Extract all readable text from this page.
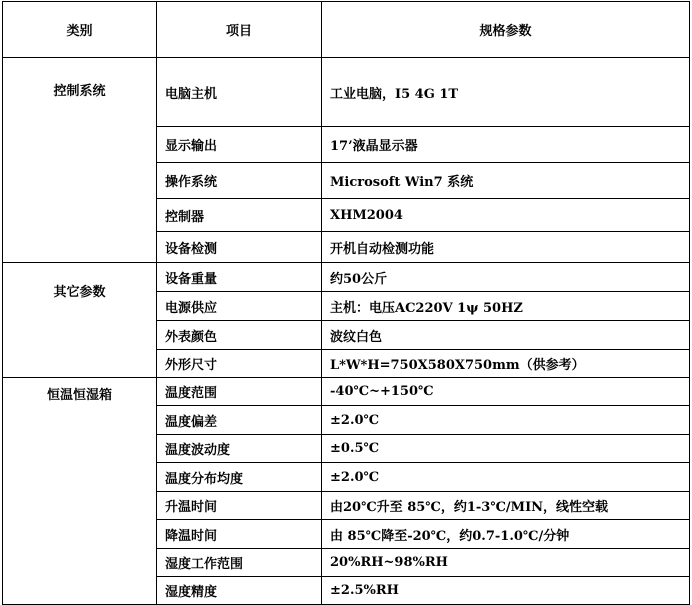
类别	项目	规格参数
控制系统	电脑主机	工业电脑，I5 4G 1T
	显示输出	17’液晶显示器
	操作系统	Microsoft Win7 系统
	控制器	XHM2004
	设备检测	开机自动检测功能
其它参数	设备重量	约50公斤
	电源供应	主机：电压AC220V 1ψ 50HZ
	外表颜色	波纹白色
	外形尺寸	L*W*H=750X580X750mm（供参考）
恒温恒湿箱	温度范围	-40℃~+150℃
	温度偏差	±2.0℃
	温度波动度	±0.5℃
	温度分布均度	±2.0℃
	升温时间	由20℃升至 85℃，约1-3℃/MIN，线性空载
	降温时间	由 85℃降至-20℃，约0.7-1.0℃/分钟
	湿度工作范围	20%RH~98%RH
	湿度精度	±2.5%RH
